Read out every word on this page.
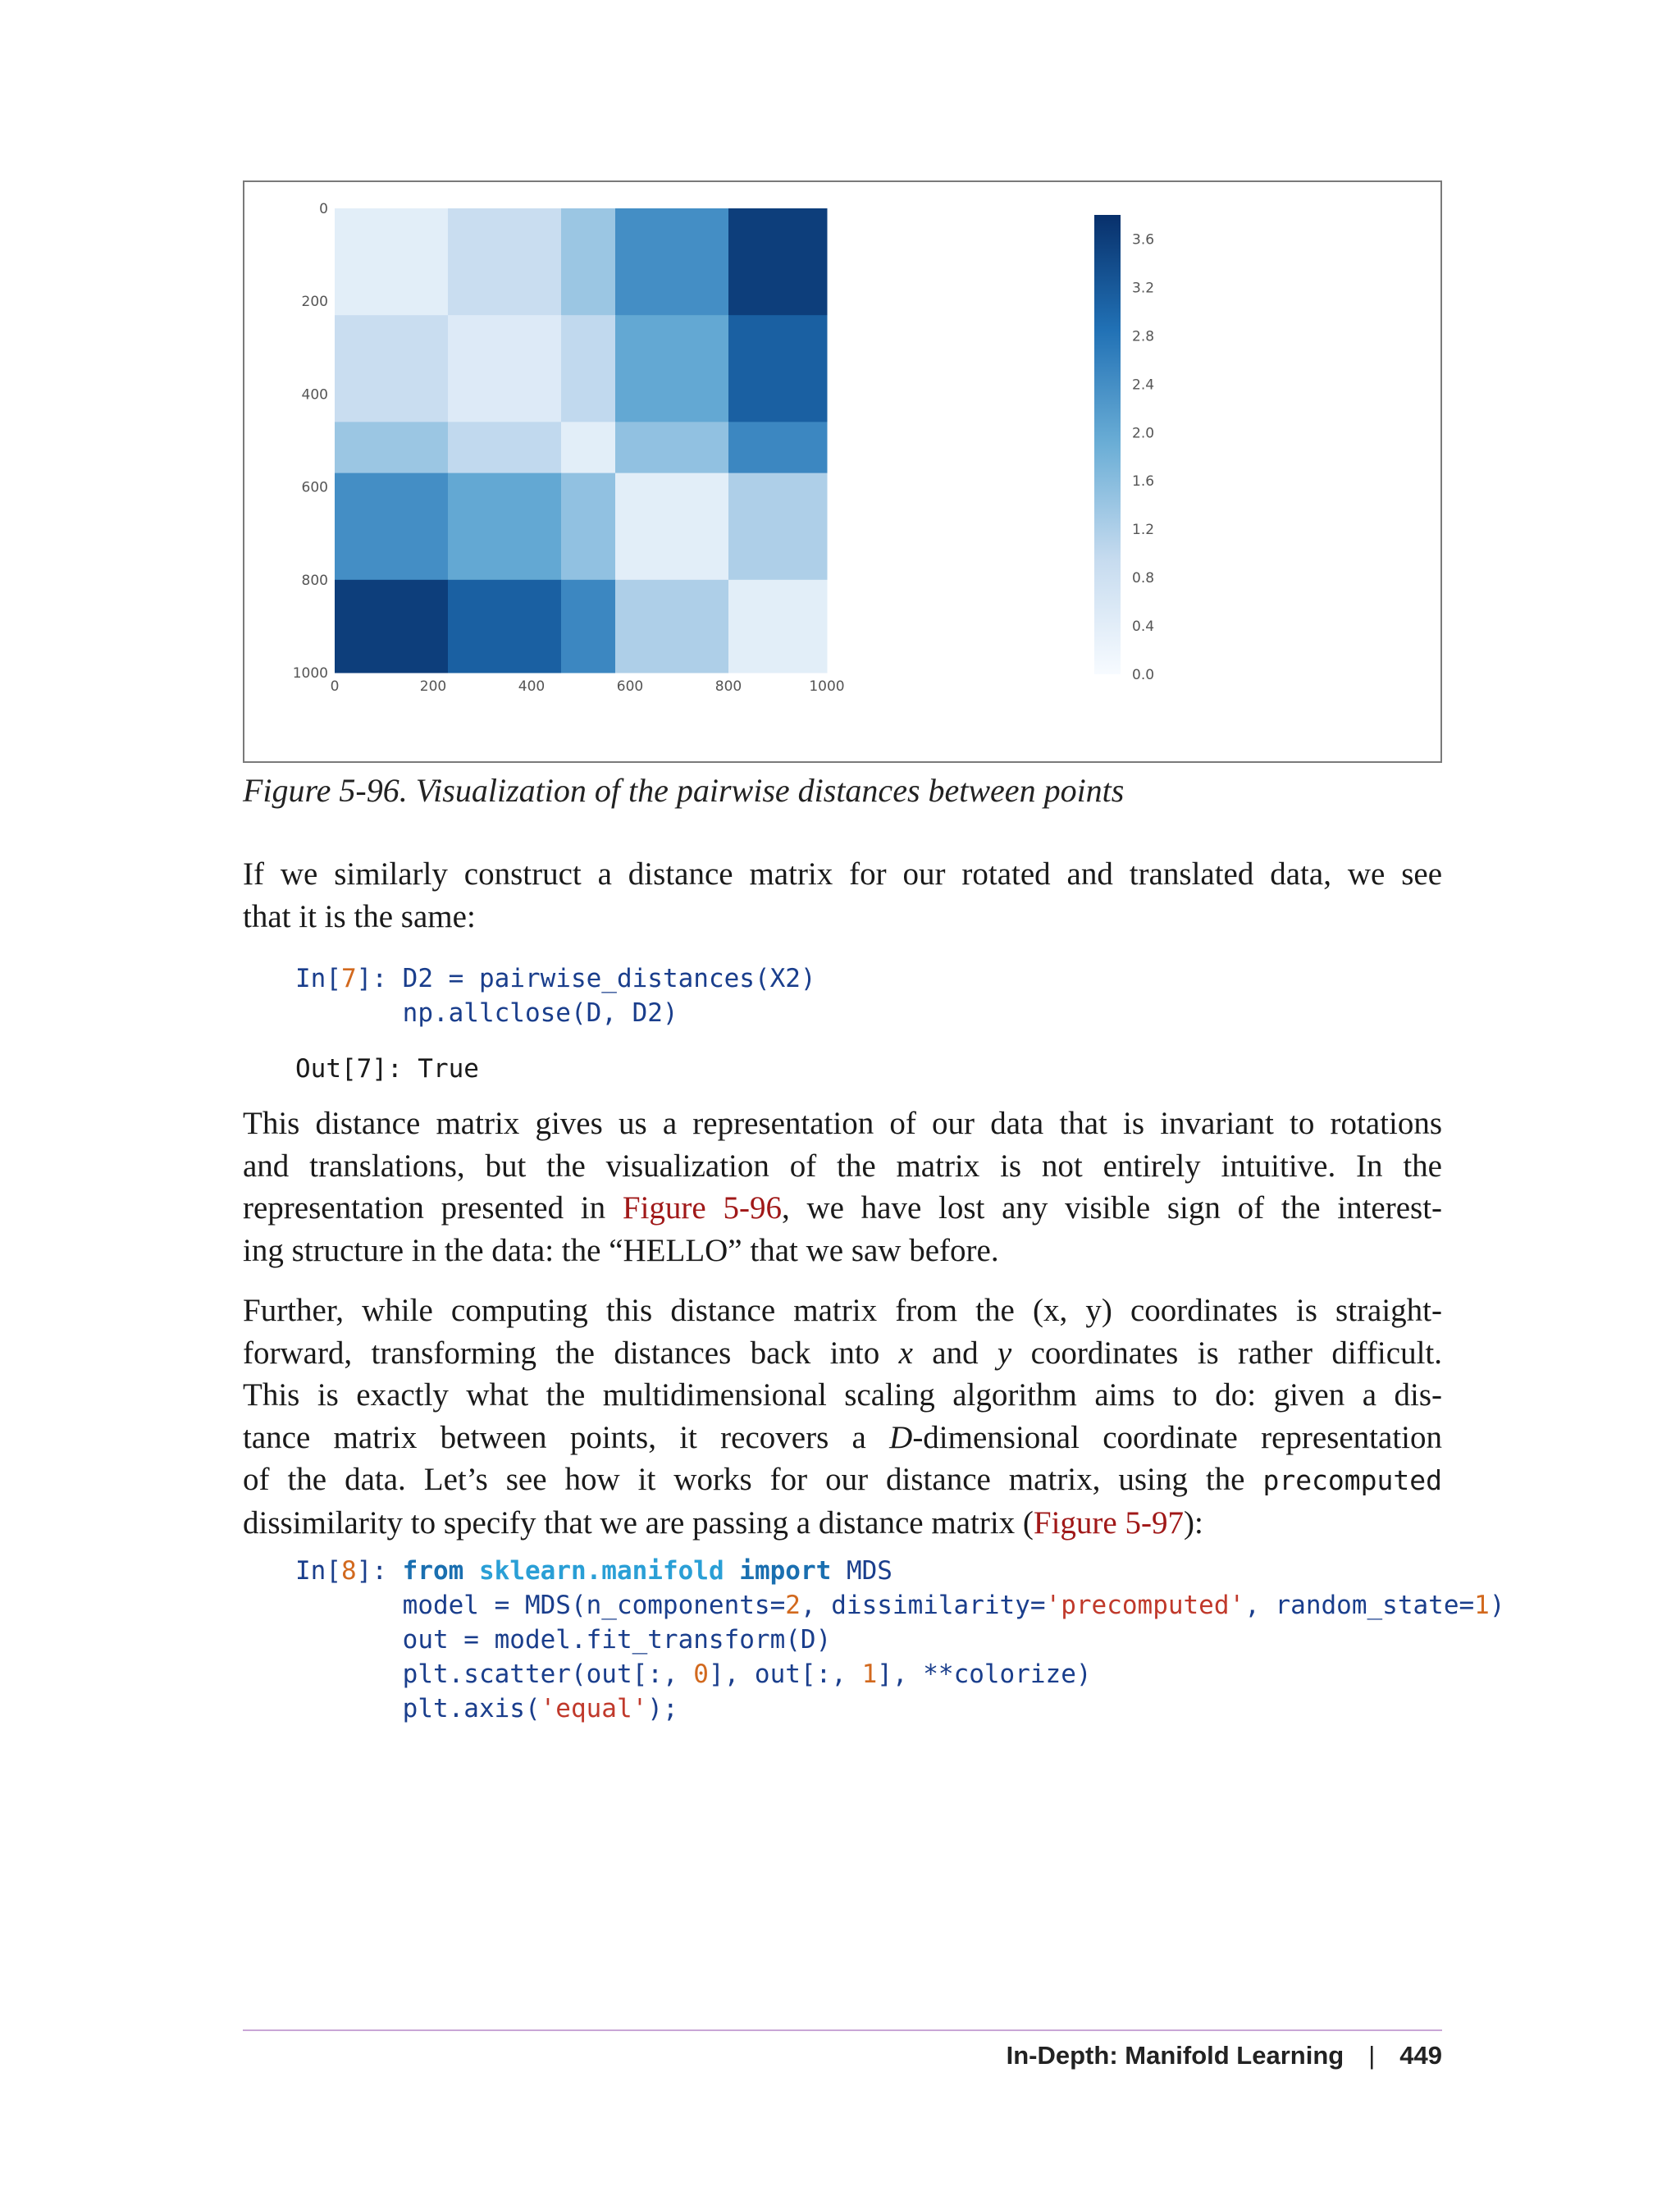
0	200	400	600	800	1000
0
200
400
600
800
1000	0.0
0.4
0.8
1.2
1.6
2.0
2.4
2.8
3.2
3.6
Figure 5-96. Visualization of the pairwise distances between points
If we similarly construct a distance matrix for our rotated and translated data, we see
that it is the same:
In[7]: D2 = pairwise_distances(X2)
np.allclose(D, D2)
Out[7]: True
This distance matrix gives us a representation of our data that is invariant to rotations
and translations, but the visualization of the matrix is not entirely intuitive. In the
representation presented in Figure 5-96, we have lost any visible sign of the interest-
ing structure in the data: the “HELLO” that we saw before.
Further, while computing this distance matrix from the (x, y) coordinates is straight-
forward, transforming the distances back into x and y coordinates is rather difficult.
This is exactly what the multidimensional scaling algorithm aims to do: given a dis-
tance matrix between points, it recovers a D-dimensional coordinate representation
of the data. Let’s see how it works for our distance matrix, using the precomputed
dissimilarity to specify that we are passing a distance matrix (Figure 5-97):
In[8]: from sklearn.manifold import MDS
model = MDS(n_components=2, dissimilarity='precomputed', random_state=1)
out = model.fit_transform(D)
plt.scatter(out[:, 0], out[:, 1], **colorize)
plt.axis('equal');
In-Depth: Manifold Learning | 449
